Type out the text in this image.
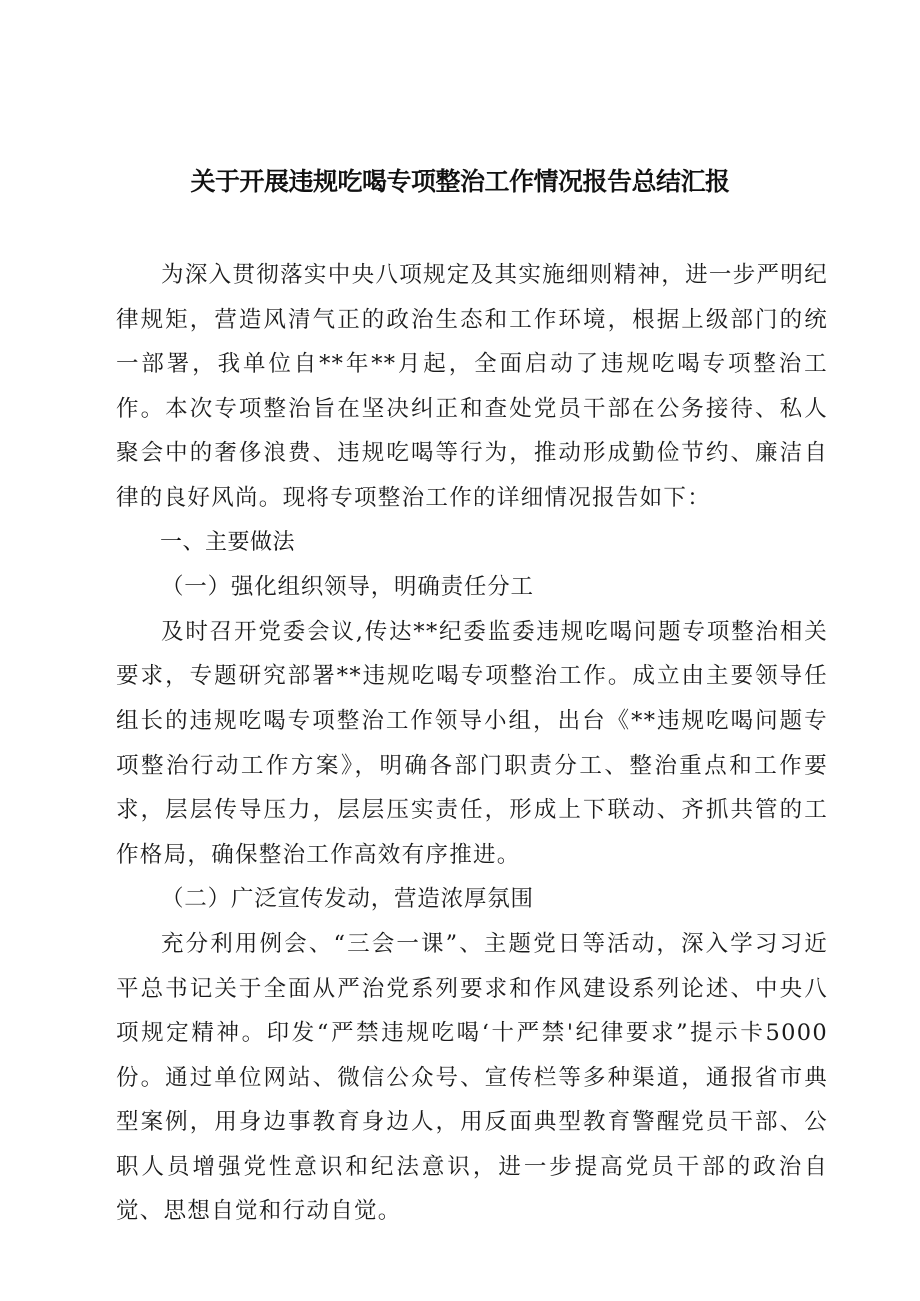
关于开展违规吃喝专项整治工作情况报告总结汇报

为深入贯彻落实中央八项规定及其实施细则精神，进一步严明纪律规矩，营造风清气正的政治生态和工作环境，根据上级部门的统一部署，我单位自**年**月起，全面启动了违规吃喝专项整治工作。本次专项整治旨在坚决纠正和查处党员干部在公务接待、私人聚会中的奢侈浪费、违规吃喝等行为，推动形成勤俭节约、廉洁自律的良好风尚。现将专项整治工作的详细情况报告如下：

一、主要做法

（一）强化组织领导，明确责任分工

及时召开党委会议,传达**纪委监委违规吃喝问题专项整治相关要求，专题研究部署**违规吃喝专项整治工作。成立由主要领导任组长的违规吃喝专项整治工作领导小组，出台《**违规吃喝问题专项整治行动工作方案》，明确各部门职责分工、整治重点和工作要求，层层传导压力，层层压实责任，形成上下联动、齐抓共管的工作格局，确保整治工作高效有序推进。

（二）广泛宣传发动，营造浓厚氛围

充分利用例会、“三会一课”、主题党日等活动，深入学习习近平总书记关于全面从严治党系列要求和作风建设系列论述、中央八项规定精神。印发“严禁违规吃喝‘十严禁'纪律要求”提示卡5000份。通过单位网站、微信公众号、宣传栏等多种渠道，通报省市典型案例，用身边事教育身边人，用反面典型教育警醒党员干部、公职人员增强党性意识和纪法意识，进一步提高党员干部的政治自觉、思想自觉和行动自觉。
